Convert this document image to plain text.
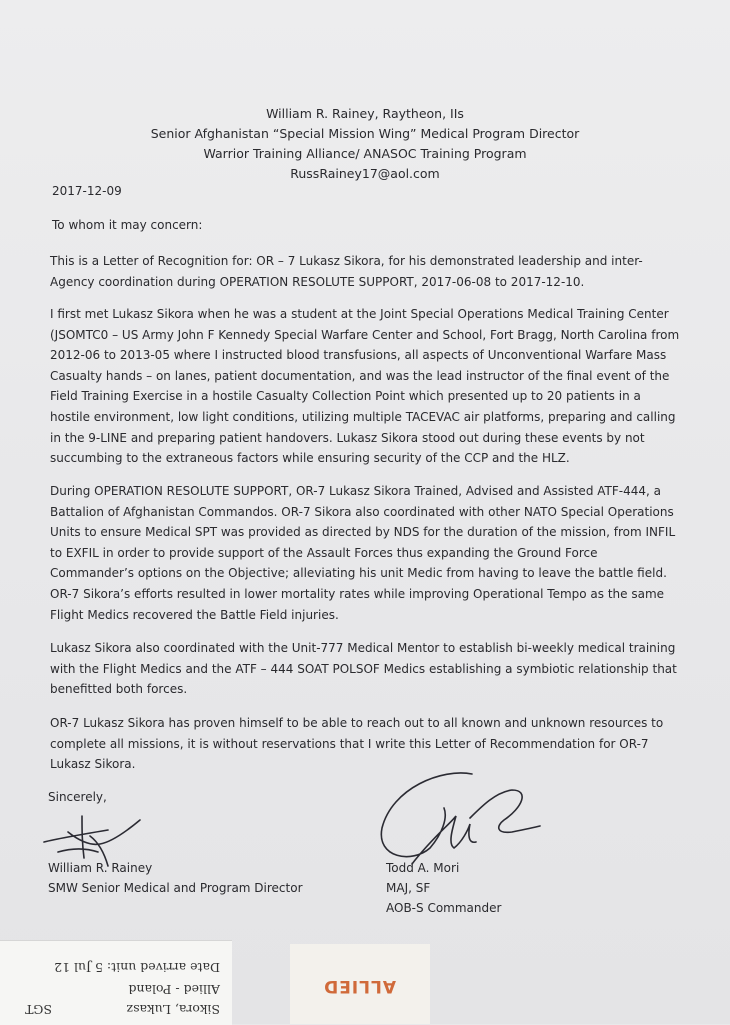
William R. Rainey, Raytheon, IIs
Senior Afghanistan “Special Mission Wing” Medical Program Director
Warrior Training Alliance/ ANASOC Training Program
RussRainey17@aol.com
2017-12-09
To whom it may concern:

This is a Letter of Recognition for: OR – 7 Lukasz Sikora, for his demonstrated leadership and inter-Agency coordination during OPERATION RESOLUTE SUPPORT, 2017-06-08 to 2017-12-10.

I first met Lukasz Sikora when he was a student at the Joint Special Operations Medical Training Center (JSOMTC0 – US Army John F Kennedy Special Warfare Center and School, Fort Bragg, North Carolina from 2012-06 to 2013-05 where I instructed blood transfusions, all aspects of Unconventional Warfare Mass Casualty hands – on lanes, patient documentation, and was the lead instructor of the final event of the Field Training Exercise in a hostile Casualty Collection Point which presented up to 20 patients in a hostile environment, low light conditions, utilizing multiple TACEVAC air platforms, preparing and calling in the 9-LINE and preparing patient handovers. Lukasz Sikora stood out during these events by not succumbing to the extraneous factors while ensuring security of the CCP and the HLZ.

During OPERATION RESOLUTE SUPPORT, OR-7 Lukasz Sikora Trained, Advised and Assisted ATF-444, a Battalion of Afghanistan Commandos. OR-7 Sikora also coordinated with other NATO Special Operations Units to ensure Medical SPT was provided as directed by NDS for the duration of the mission, from INFIL to EXFIL in order to provide support of the Assault Forces thus expanding the Ground Force Commander’s options on the Objective; alleviating his unit Medic from having to leave the battle field. OR-7 Sikora’s efforts resulted in lower mortality rates while improving Operational Tempo as the same Flight Medics recovered the Battle Field injuries.

Lukasz Sikora also coordinated with the Unit-777 Medical Mentor to establish bi-weekly medical training with the Flight Medics and the ATF – 444 SOAT POLSOF Medics establishing a symbiotic relationship that benefitted both forces.

OR-7 Lukasz Sikora has proven himself to be able to reach out to all known and unknown resources to complete all missions, it is without reservations that I write this Letter of Recommendation for OR-7 Lukasz Sikora.

Sincerely,
William R. Rainey
SMW Senior Medical and Program Director
Todd A. Mori
MAJ, SF
AOB-S Commander
Sikora, Lukasz
SGT
Allied - Poland
Date arrived unit: 5 Jul 12
ALLIED
